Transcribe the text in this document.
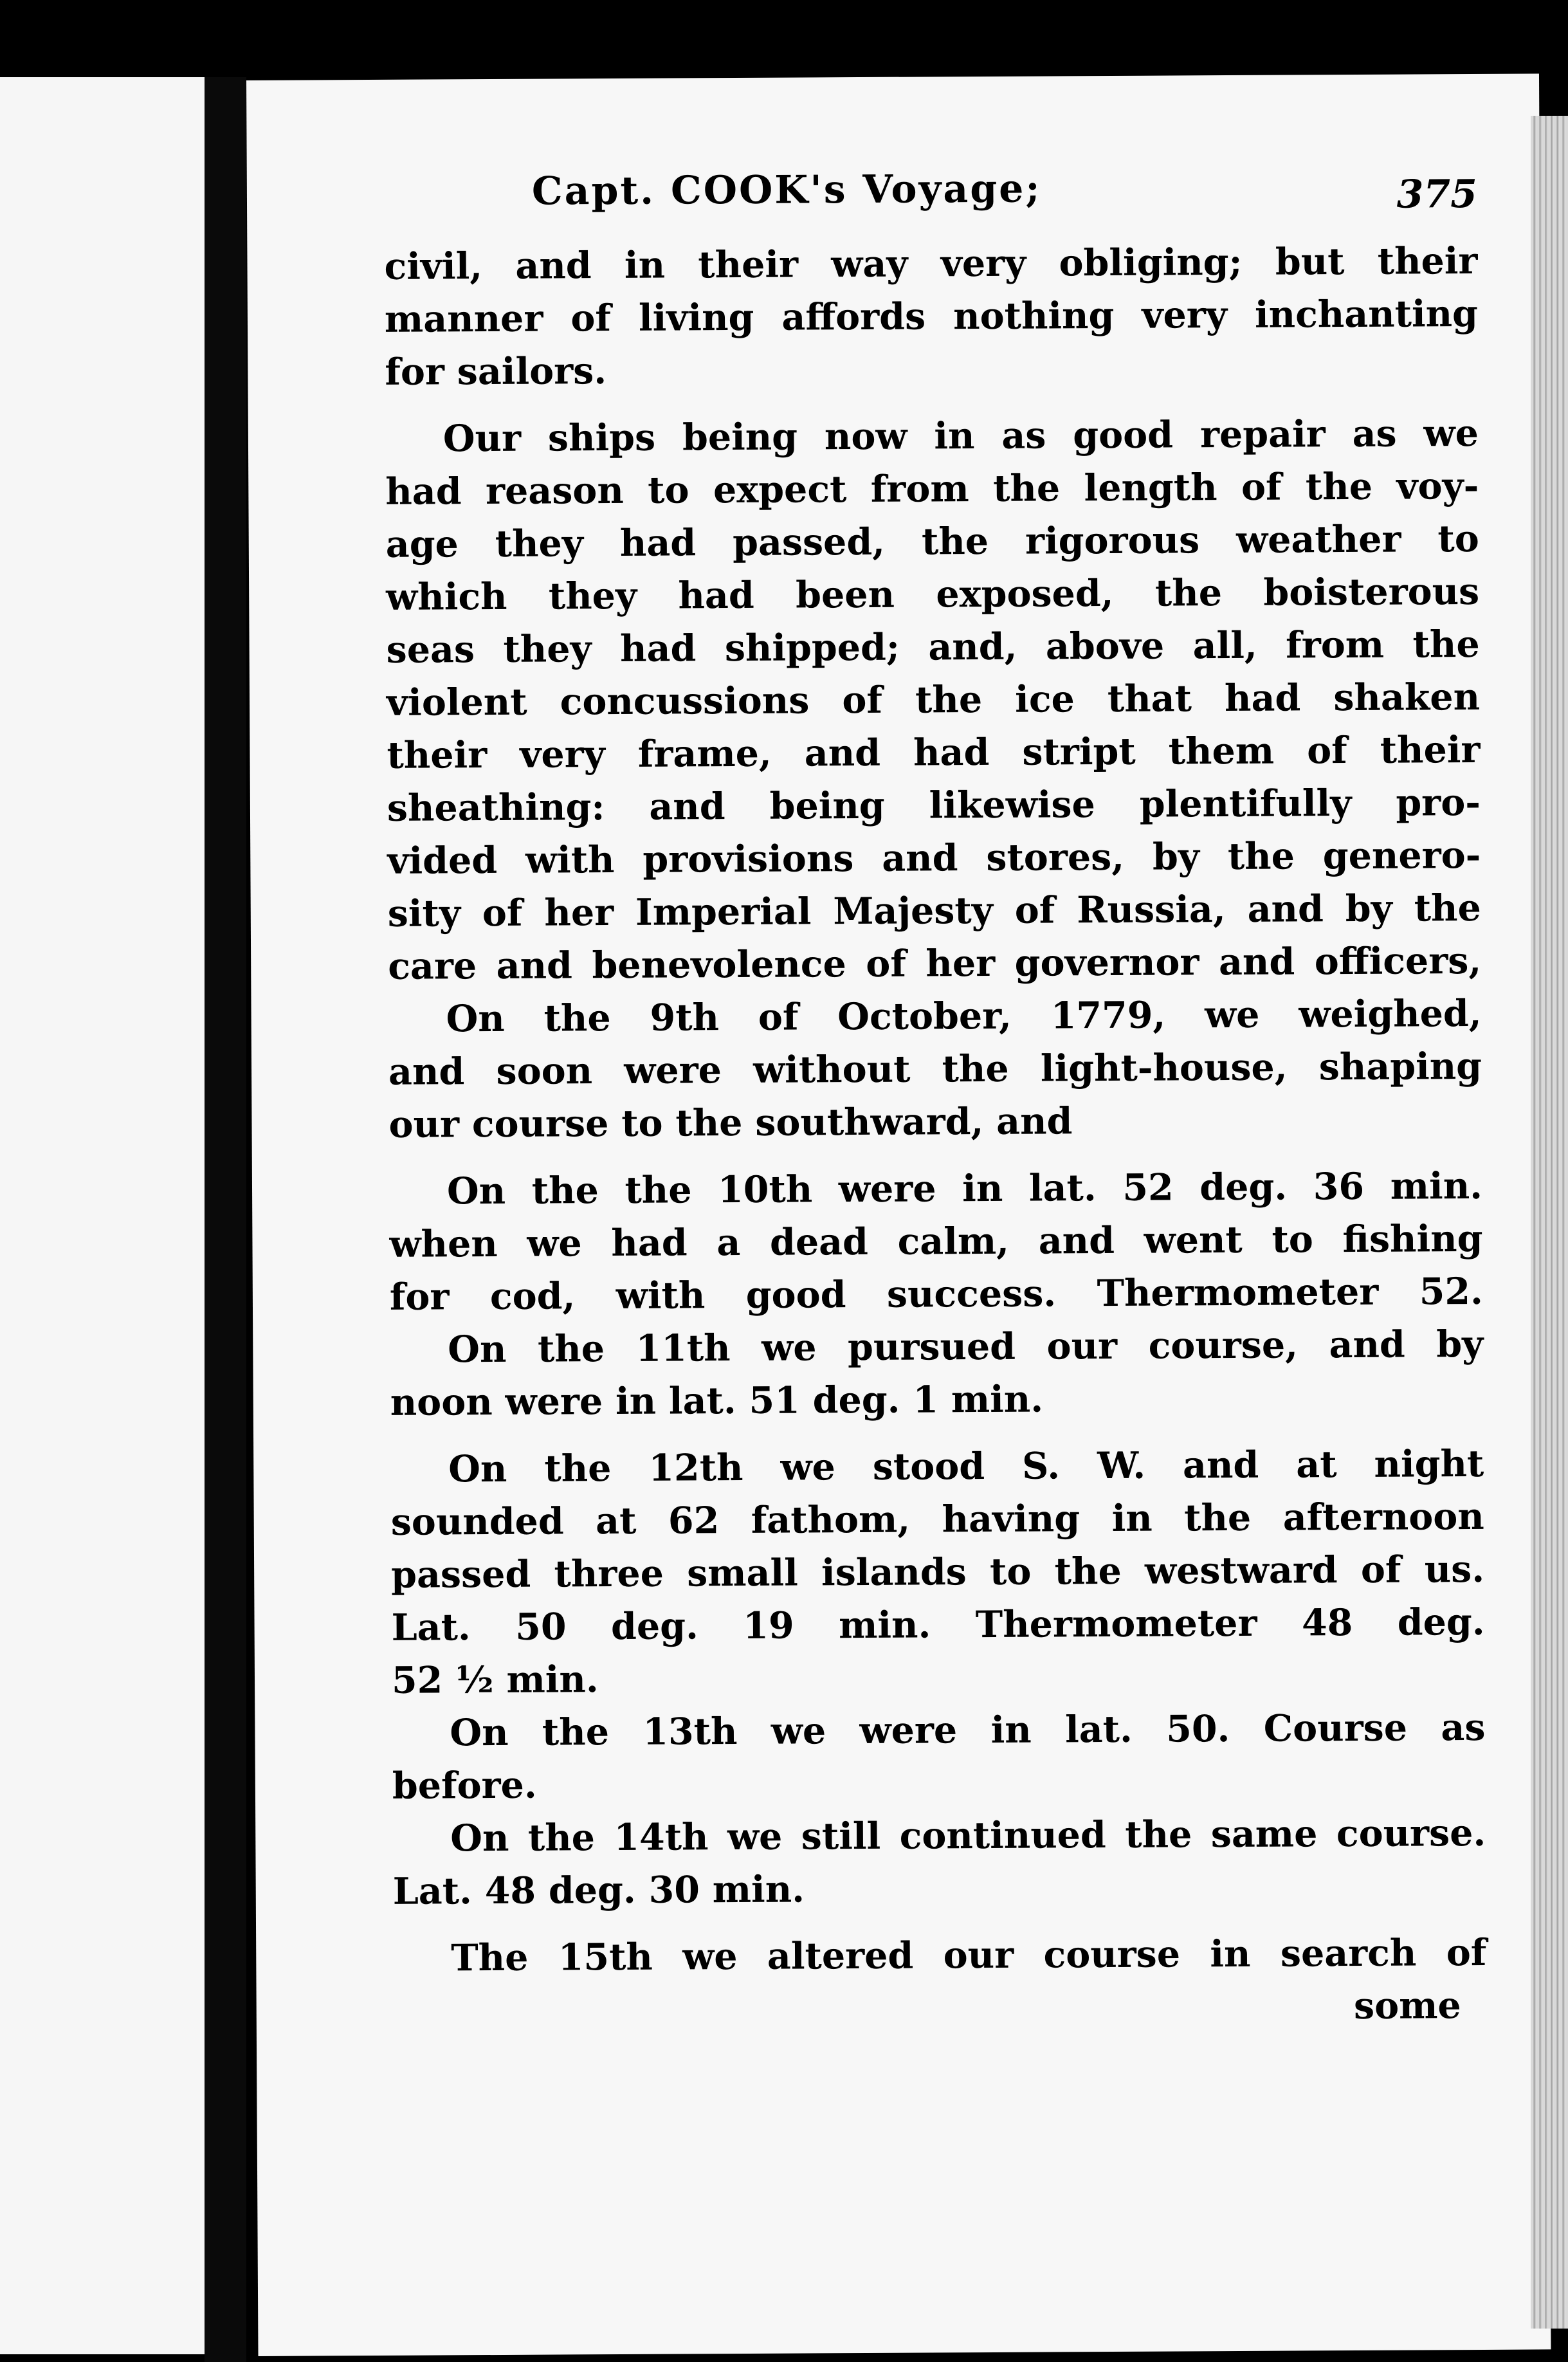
Capt. COOK's Voyage;	375
civil, and in their way very obliging; but their
manner of living affords nothing very inchanting
for sailors.
Our ships being now in as good repair as we
had reason to expect from the length of the voy-
age they had passed, the rigorous weather to
which they had been exposed, the boisterous
seas they had shipped; and, above all, from the
violent concussions of the ice that had shaken
their very frame, and had stript them of their
sheathing: and being likewise plentifully pro-
vided with provisions and stores, by the genero-
sity of her Imperial Majesty of Russia, and by the
care and benevolence of her governor and officers,
On the 9th of October, 1779, we weighed,
and soon were without the light-house, shaping
our course to the southward, and
On the the 10th were in lat. 52 deg. 36 min.
when we had a dead calm, and went to fishing
for cod, with good success. Thermometer 52.
On the 11th we pursued our course, and by
noon were in lat. 51 deg. 1 min.
On the 12th we stood S. W. and at night
sounded at 62 fathom, having in the afternoon
passed three small islands to the westward of us.
Lat. 50 deg. 19 min. Thermometer 48 deg.
52 ½ min.
On the 13th we were in lat. 50. Course as
before.
On the 14th we still continued the same course.
Lat. 48 deg. 30 min.
The 15th we altered our course in search of
some
